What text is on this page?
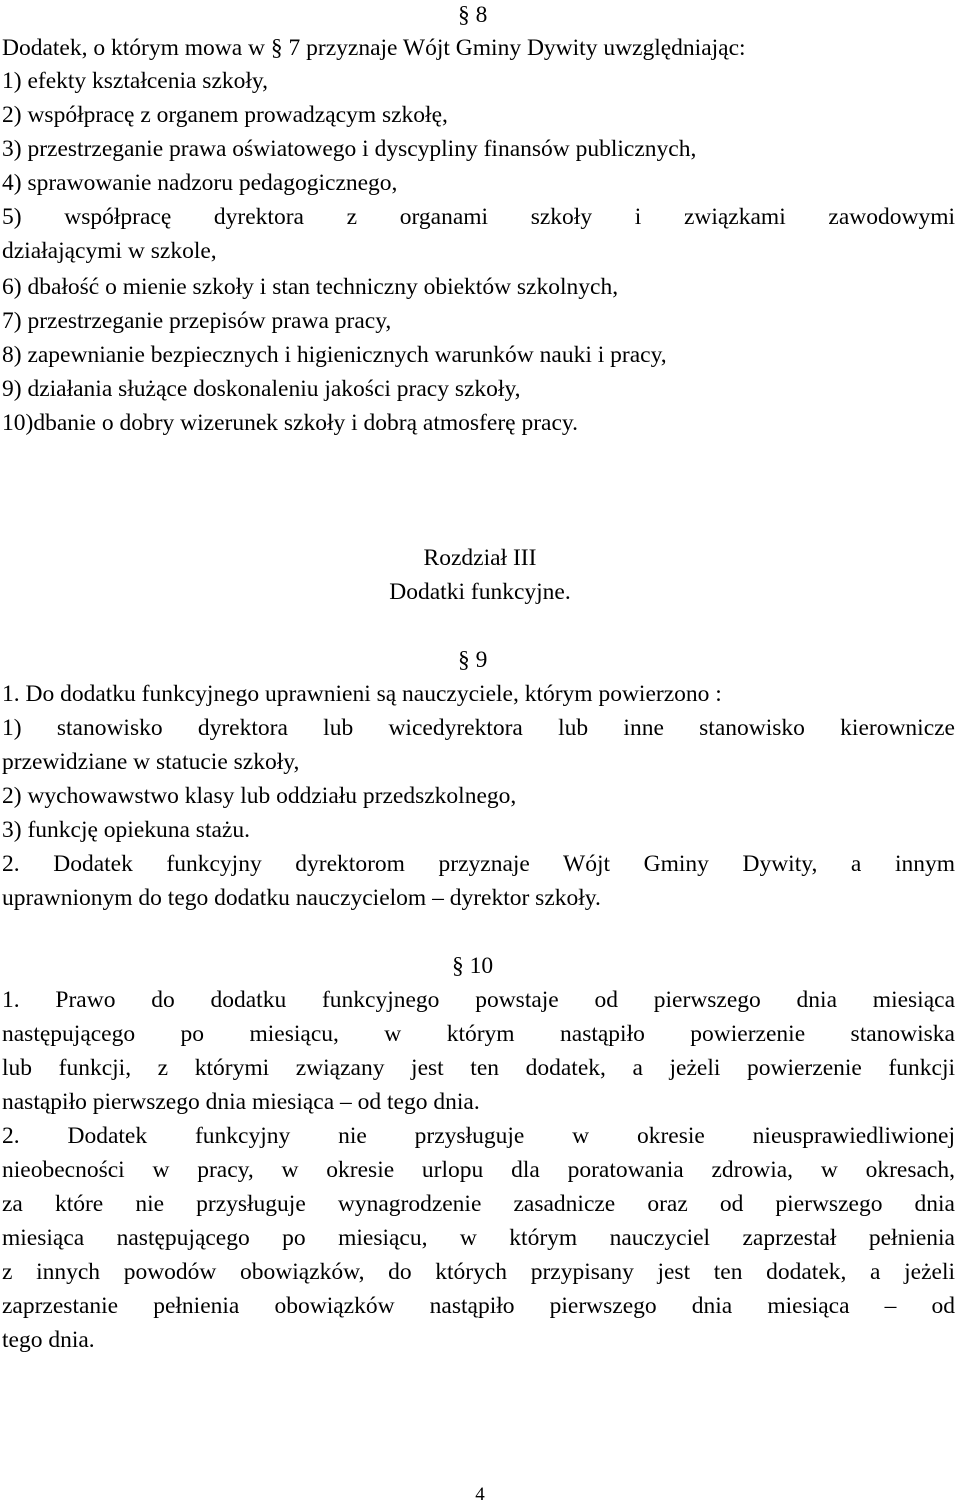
§ 8
Dodatek, o którym mowa w § 7 przyznaje Wójt Gminy Dywity uwzględniając:
1) efekty kształcenia szkoły,
2) współpracę z organem prowadzącym szkołę,
3) przestrzeganie prawa oświatowego i dyscypliny finansów publicznych,
4) sprawowanie nadzoru pedagogicznego,
5) współpracę dyrektora z organami szkoły i związkami zawodowymi
działającymi w szkole,
6) dbałość o mienie szkoły i stan techniczny obiektów szkolnych,
7) przestrzeganie przepisów prawa pracy,
8) zapewnianie bezpiecznych i higienicznych warunków nauki i pracy,
9) działania służące doskonaleniu jakości pracy szkoły,
10)dbanie o dobry wizerunek szkoły i dobrą atmosferę pracy.
Rozdział III
Dodatki funkcyjne.
§ 9
1. Do dodatku funkcyjnego uprawnieni są nauczyciele, którym powierzono :
1) stanowisko dyrektora lub wicedyrektora lub inne stanowisko kierownicze
przewidziane w statucie szkoły,
2) wychowawstwo klasy lub oddziału przedszkolnego,
3) funkcję opiekuna stażu.
2. Dodatek funkcyjny dyrektorom przyznaje Wójt Gminy Dywity, a innym
uprawnionym do tego dodatku nauczycielom – dyrektor szkoły.
§ 10
1. Prawo do dodatku funkcyjnego powstaje od pierwszego dnia miesiąca
następującego po miesiącu, w którym nastąpiło powierzenie stanowiska
lub funkcji, z którymi związany jest ten dodatek, a jeżeli powierzenie funkcji
nastąpiło pierwszego dnia miesiąca – od tego dnia.
2. Dodatek funkcyjny nie przysługuje w okresie nieusprawiedliwionej
nieobecności w pracy, w okresie urlopu dla poratowania zdrowia, w okresach,
za które nie przysługuje wynagrodzenie zasadnicze oraz od pierwszego dnia
miesiąca następującego po miesiącu, w którym nauczyciel zaprzestał pełnienia
z innych powodów obowiązków, do których przypisany jest ten dodatek, a jeżeli
zaprzestanie pełnienia obowiązków nastąpiło pierwszego dnia miesiąca – od
tego dnia.
4
